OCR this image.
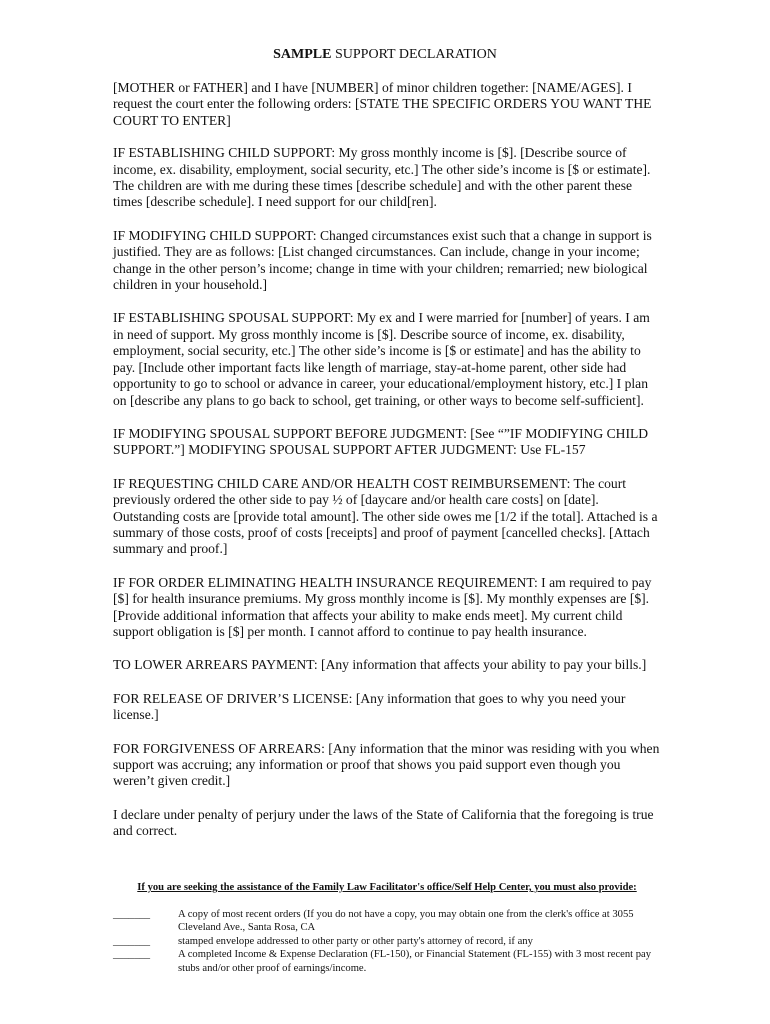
SAMPLE SUPPORT DECLARATION

[MOTHER or FATHER] and I have [NUMBER] of minor children together: [NAME/AGES]. I request the court enter the following orders: [STATE THE SPECIFIC ORDERS YOU WANT THE COURT TO ENTER]

IF ESTABLISHING CHILD SUPPORT: My gross monthly income is [$]. [Describe source of income, ex. disability, employment, social security, etc.] The other side’s income is [$ or estimate]. The children are with me during these times [describe schedule] and with the other parent these times [describe schedule]. I need support for our child[ren].

IF MODIFYING CHILD SUPPORT: Changed circumstances exist such that a change in support is justified. They are as follows: [List changed circumstances. Can include, change in your income; change in the other person’s income; change in time with your children; remarried; new biological children in your household.]

IF ESTABLISHING SPOUSAL SUPPORT: My ex and I were married for [number] of years. I am in need of support. My gross monthly income is [$]. Describe source of income, ex. disability, employment, social security, etc.] The other side’s income is [$ or estimate] and has the ability to pay. [Include other important facts like length of marriage, stay-at-home parent, other side had opportunity to go to school or advance in career, your educational/employment history, etc.] I plan on [describe any plans to go back to school, get training, or other ways to become self-sufficient].

IF MODIFYING SPOUSAL SUPPORT BEFORE JUDGMENT: [See “”IF MODIFYING CHILD SUPPORT.”] MODIFYING SPOUSAL SUPPORT AFTER JUDGMENT: Use FL-157

IF REQUESTING CHILD CARE AND/OR HEALTH COST REIMBURSEMENT: The court previously ordered the other side to pay ½ of [daycare and/or health care costs] on [date]. Outstanding costs are [provide total amount]. The other side owes me [1/2 if the total]. Attached is a summary of those costs, proof of costs [receipts] and proof of payment [cancelled checks]. [Attach summary and proof.]

IF FOR ORDER ELIMINATING HEALTH INSURANCE REQUIREMENT: I am required to pay [$] for health insurance premiums. My gross monthly income is [$]. My monthly expenses are [$]. [Provide additional information that affects your ability to make ends meet]. My current child support obligation is [$] per month. I cannot afford to continue to pay health insurance.

TO LOWER ARREARS PAYMENT: [Any information that affects your ability to pay your bills.]

FOR RELEASE OF DRIVER’S LICENSE: [Any information that goes to why you need your license.]

FOR FORGIVENESS OF ARREARS: [Any information that the minor was residing with you when support was accruing; any information or proof that shows you paid support even though you weren’t given credit.]

I declare under penalty of perjury under the laws of the State of California that the foregoing is true and correct.

If you are seeking the assistance of the Family Law Facilitator's office/Self Help Center, you must also provide:
_______	A copy of most recent orders (If you do not have a copy, you may obtain one from the clerk's office at 3055 Cleveland Ave., Santa Rosa, CA
_______	stamped envelope addressed to other party or other party's attorney of record, if any
_______	A completed Income & Expense Declaration (FL-150), or Financial Statement (FL-155) with 3 most recent pay stubs and/or other proof of earnings/income.
